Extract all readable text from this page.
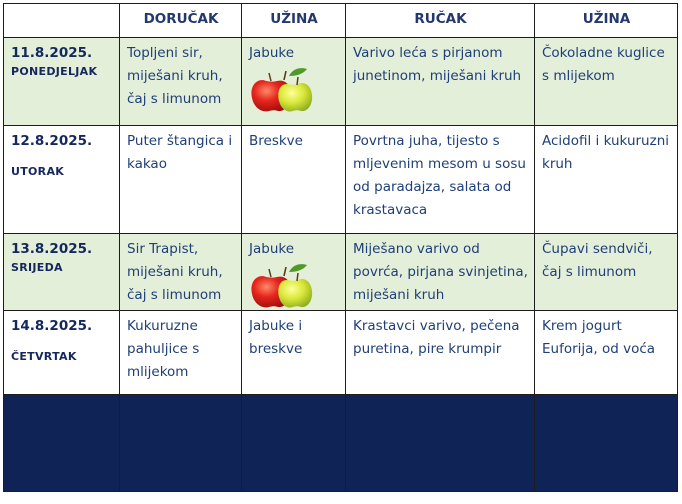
	DORUČAK	UŽINA	RUČAK	UŽINA

11.8.2025.
PONEDJELJAK	Topljeni sir, miješani kruh, čaj s limunom	Jabuke	Varivo leća s pirjanom junetinom, miješani kruh	Čokoladne kuglice s mlijekom

12.8.2025.
UTORAK	Puter štangica i kakao	Breskve	Povrtna juha, tijesto s mljevenim mesom u sosu od paradajza, salata od krastavaca	Acidofil i kukuruzni kruh

13.8.2025.
SRIJEDA	Sir Trapist, miješani kruh, čaj s limunom	Jabuke	Miješano varivo od povrća, pirjana svinjetina, miješani kruh	Čupavi sendviči, čaj s limunom

14.8.2025.
ČETVRTAK	Kukuruzne pahuljice s mlijekom	Jabuke i breskve	Krastavci varivo, pečena puretina, pire krumpir	Krem jogurt Euforija, od voća
